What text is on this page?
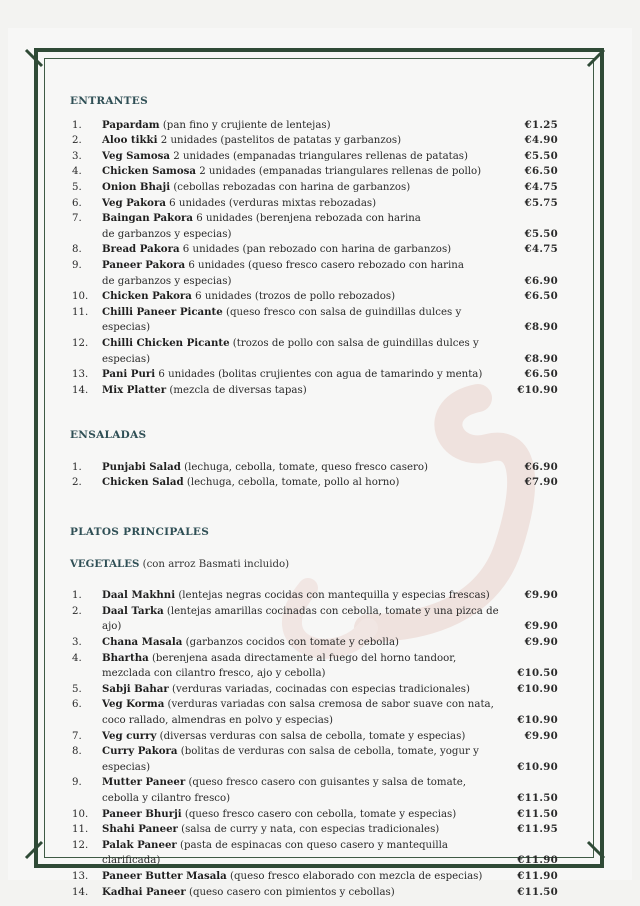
ENTRANTES
1.	Papardam (pan fino y crujiente de lentejas)	€1.25
2.	Aloo tikki 2 unidades (pastelitos de patatas y garbanzos)	€4.90
3.	Veg Samosa 2 unidades (empanadas triangulares rellenas de patatas)	€5.50
4.	Chicken Samosa 2 unidades (empanadas triangulares rellenas de pollo)	€6.50
5.	Onion Bhaji (cebollas rebozadas con harina de garbanzos)	€4.75
6.	Veg Pakora 6 unidades (verduras mixtas rebozadas)	€5.75
7.	Baingan Pakora 6 unidades (berenjena rebozada con harina
de garbanzos y especias)	€5.50
8.	Bread Pakora 6 unidades (pan rebozado con harina de garbanzos)	€4.75
9.	Paneer Pakora 6 unidades (queso fresco casero rebozado con harina
de garbanzos y especias)	€6.90
10.	Chicken Pakora 6 unidades (trozos de pollo rebozados)	€6.50
11.	Chilli Paneer Picante (queso fresco con salsa de guindillas dulces y especias)	€8.90
12.	Chilli Chicken Picante (trozos de pollo con salsa de guindillas dulces y especias)	€8.90
13.	Pani Puri 6 unidades (bolitas crujientes con agua de tamarindo y menta)	€6.50
14.	Mix Platter (mezcla de diversas tapas)	€10.90
ENSALADAS
1.	Punjabi Salad (lechuga, cebolla, tomate, queso fresco casero)	€6.90
2.	Chicken Salad (lechuga, cebolla, tomate, pollo al horno)	€7.90
PLATOS PRINCIPALES
VEGETALES (con arroz Basmati incluido)
1.	Daal Makhni (lentejas negras cocidas con mantequilla y especias frescas)	€9.90
2.	Daal Tarka (lentejas amarillas cocinadas con cebolla, tomate y una pizca de ajo)	€9.90
3.	Chana Masala (garbanzos cocidos con tomate y cebolla)	€9.90
4.	Bhartha (berenjena asada directamente al fuego del horno tandoor,
mezclada con cilantro fresco, ajo y cebolla)	€10.50
5.	Sabji Bahar (verduras variadas, cocinadas con especias tradicionales)	€10.90
6.	Veg Korma (verduras variadas con salsa cremosa de sabor suave con nata,
coco rallado, almendras en polvo y especias)	€10.90
7.	Veg curry (diversas verduras con salsa de cebolla, tomate y especias)	€9.90
8.	Curry Pakora (bolitas de verduras con salsa de cebolla, tomate, yogur y especias)	€10.90
9.	Mutter Paneer (queso fresco casero con guisantes y salsa de tomate,
cebolla y cilantro fresco)	€11.50
10.	Paneer Bhurji (queso fresco casero con cebolla, tomate y especias)	€11.50
11.	Shahi Paneer (salsa de curry y nata, con especias tradicionales)	€11.95
12.	Palak Paneer (pasta de espinacas con queso casero y mantequilla clarificada)	€11.90
13.	Paneer Butter Masala (queso fresco elaborado con mezcla de especias)	€11.90
14.	Kadhai Paneer (queso casero con pimientos y cebollas)	€11.50
